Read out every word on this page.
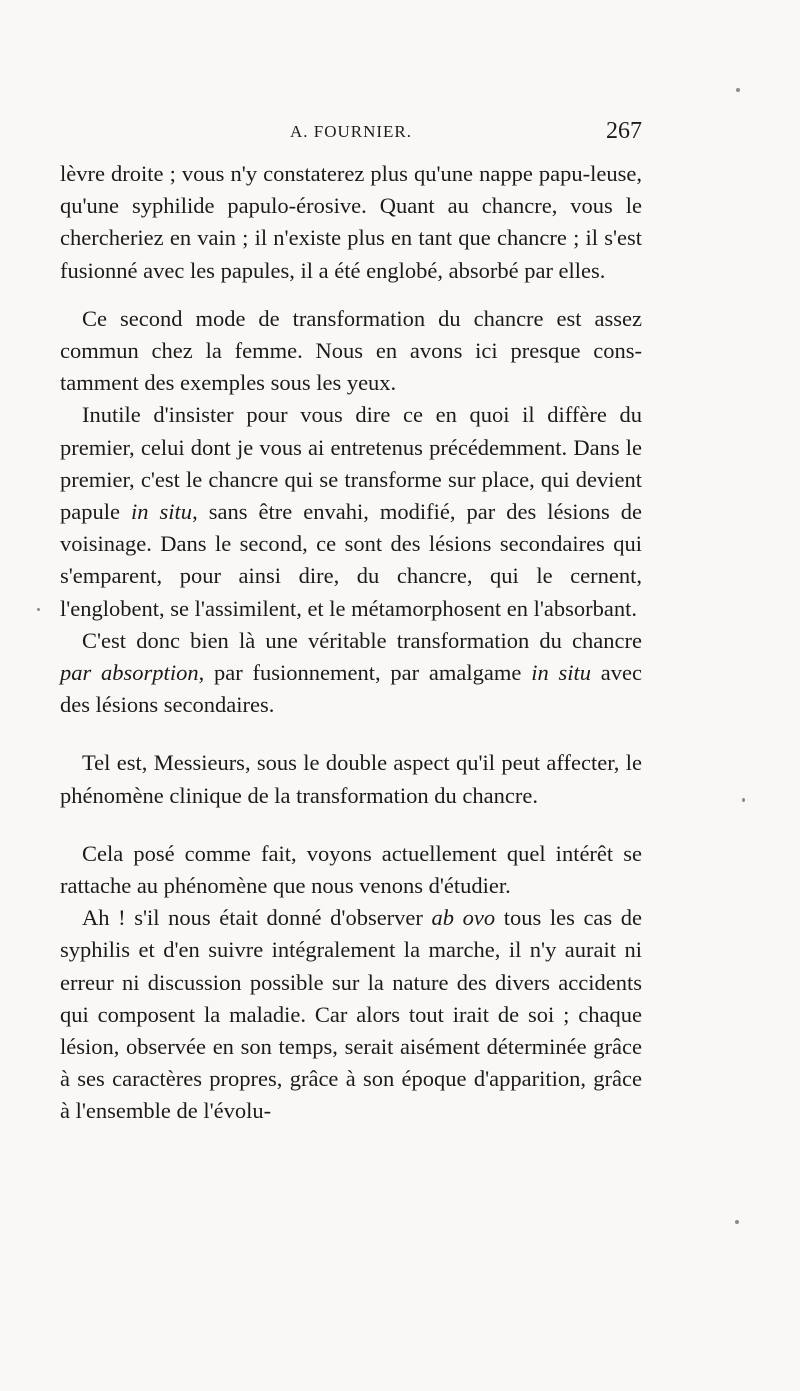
A. FOURNIER.	267

lèvre droite ; vous n'y constaterez plus qu'une nappe papu-leuse, qu'une syphilide papulo-érosive. Quant au chancre, vous le chercheriez en vain ; il n'existe plus en tant que chancre ; il s'est fusionné avec les papules, il a été englobé, absorbé par elles.

Ce second mode de transformation du chancre est assez commun chez la femme. Nous en avons ici presque cons-tamment des exemples sous les yeux.

Inutile d'insister pour vous dire ce en quoi il diffère du premier, celui dont je vous ai entretenus précédemment. Dans le premier, c'est le chancre qui se transforme sur place, qui devient papule in situ, sans être envahi, modifié, par des lésions de voisinage. Dans le second, ce sont des lésions secondaires qui s'emparent, pour ainsi dire, du chancre, qui le cernent, l'englobent, se l'assimilent, et le métamorphosent en l'absorbant.

C'est donc bien là une véritable transformation du chancre par absorption, par fusionnement, par amalgame in situ avec des lésions secondaires.

Tel est, Messieurs, sous le double aspect qu'il peut affecter, le phénomène clinique de la transformation du chancre.

Cela posé comme fait, voyons actuellement quel intérêt se rattache au phénomène que nous venons d'étudier.

Ah ! s'il nous était donné d'observer ab ovo tous les cas de syphilis et d'en suivre intégralement la marche, il n'y aurait ni erreur ni discussion possible sur la nature des divers accidents qui composent la maladie. Car alors tout irait de soi ; chaque lésion, observée en son temps, serait aisément déterminée grâce à ses caractères propres, grâce à son époque d'apparition, grâce à l'ensemble de l'évolu-
